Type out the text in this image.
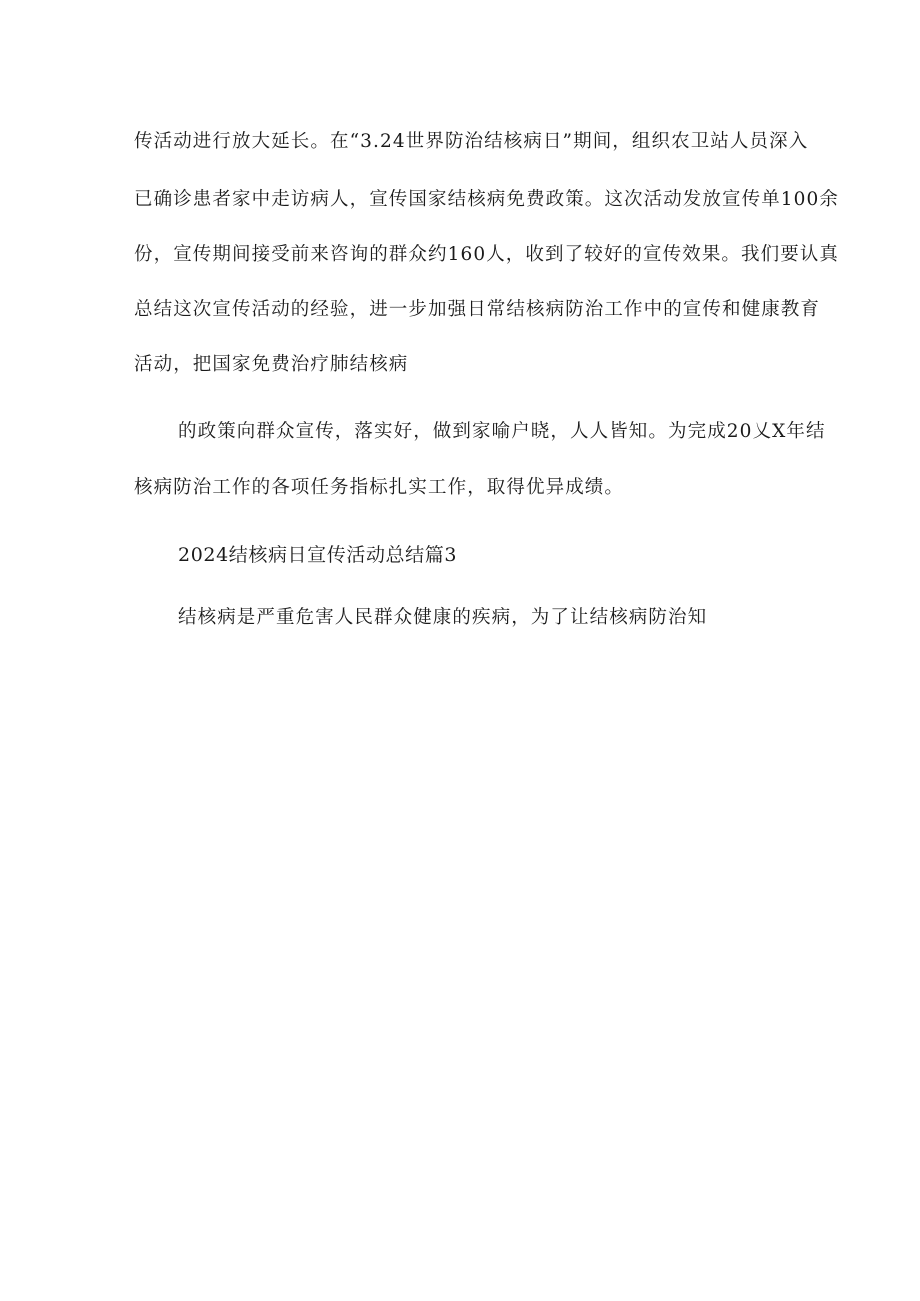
传活动进行放大延长。在“3.24世界防治结核病日”期间，组织农卫站人员深入
已确诊患者家中走访病人，宣传国家结核病免费政策。这次活动发放宣传单100余
份，宣传期间接受前来咨询的群众约160人，收到了较好的宣传效果。我们要认真
总结这次宣传活动的经验，进一步加强日常结核病防治工作中的宣传和健康教育
活动，把国家免费治疗肺结核病
的政策向群众宣传，落实好，做到家喻户晓，人人皆知。为完成20乂X年结
核病防治工作的各项任务指标扎实工作，取得优异成绩。
2024结核病日宣传活动总结篇3
结核病是严重危害人民群众健康的疾病，为了让结核病防治知
